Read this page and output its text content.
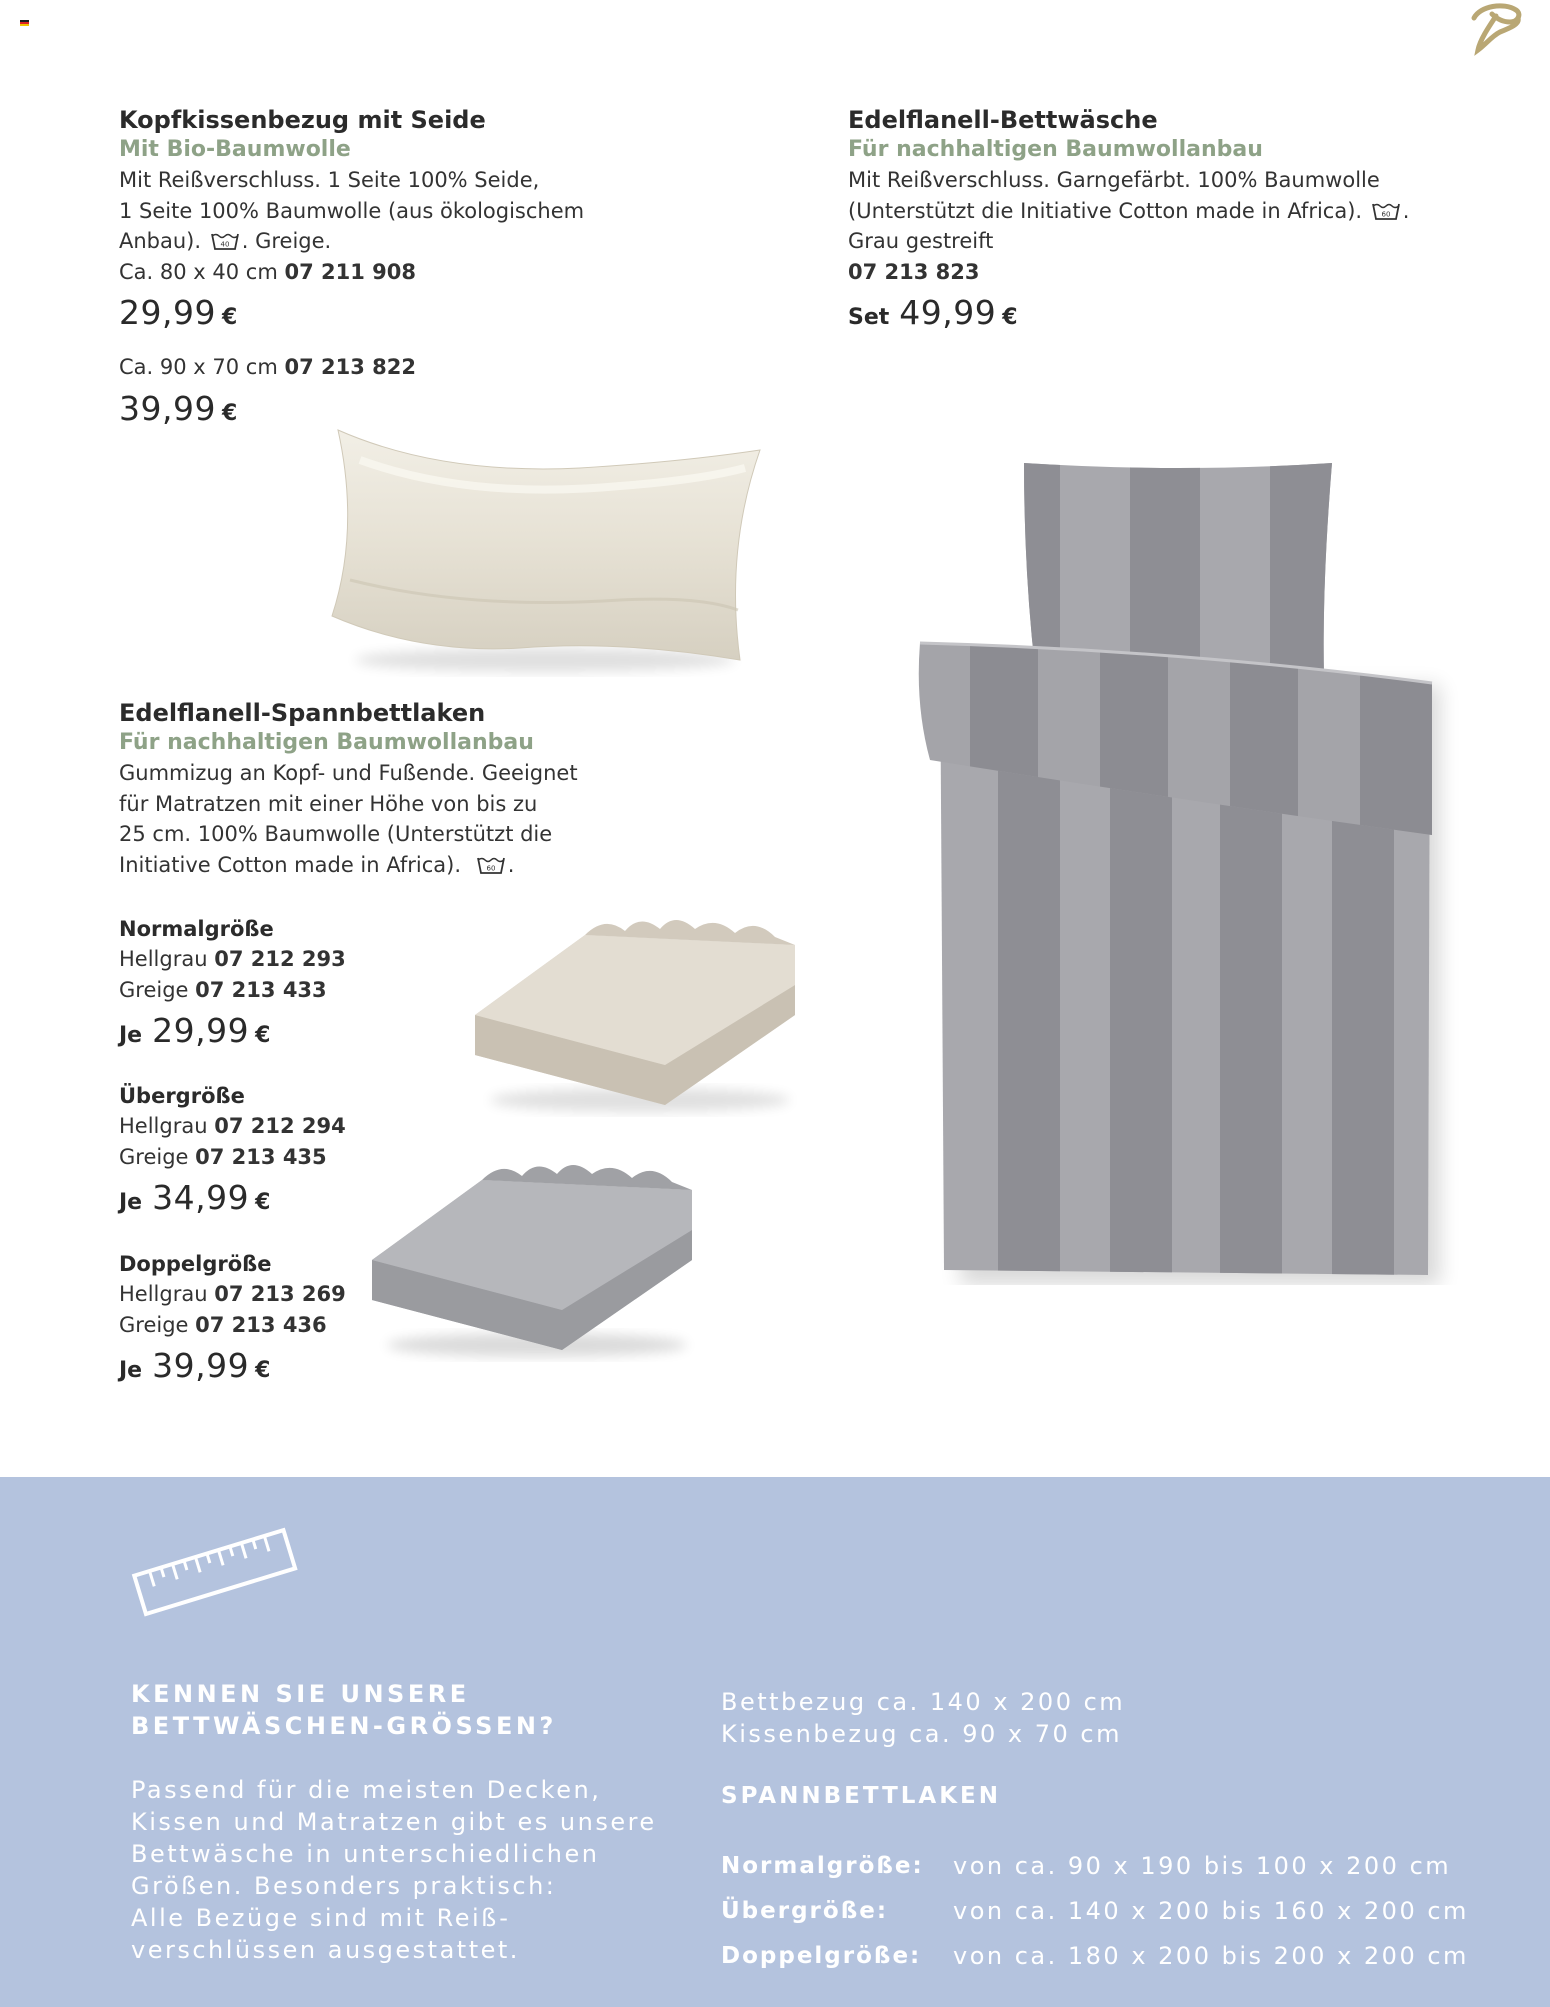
Kopfkissenbezug mit Seide
Mit Bio-Baumwolle
Mit Reißverschluss. 1 Seite 100% Seide,
1 Seite 100% Baumwolle (aus ökologischem
Anbau).	40 . Greige.
Ca. 80 x 40 cm 07 211 908
29,99 €
Ca. 90 x 70 cm 07 213 822
39,99 €
Edelflanell-Bettwäsche
Für nachhaltigen Baumwollanbau
Mit Reißverschluss. Garngefärbt. 100% Baumwolle
(Unterstützt die Initiative Cotton made in Africa).	60 .
Grau gestreift
07 213 823
Set 49,99 €
Edelflanell-Spannbettlaken
Für nachhaltigen Baumwollanbau
Gummizug an Kopf- und Fußende. Geeignet
für Matratzen mit einer Höhe von bis zu
25 cm. 100% Baumwolle (Unterstützt die
Initiative Cotton made in Africa).	60 .
Normalgröße
Hellgrau 07 212 293
Greige 07 213 433
Je 29,99 €
Übergröße
Hellgrau 07 212 294
Greige 07 213 435
Je 34,99 €
Doppelgröße
Hellgrau 07 213 269
Greige 07 213 436
Je 39,99 €
KENNEN SIE UNSERE
BETTWÄSCHEN-GRÖSSEN?
Passend für die meisten Decken,
Kissen und Matratzen gibt es unsere
Bettwäsche in unterschiedlichen
Größen. Besonders praktisch:
Alle Bezüge sind mit Reiß-
verschlüssen ausgestattet.
Bettbezug ca. 140 x 200 cm
Kissenbezug ca. 90 x 70 cm
SPANNBETTLAKEN
Normalgröße:	von ca. 90 x 190 bis 100 x 200 cm
Übergröße:	von ca. 140 x 200 bis 160 x 200 cm
Doppelgröße:	von ca. 180 x 200 bis 200 x 200 cm
